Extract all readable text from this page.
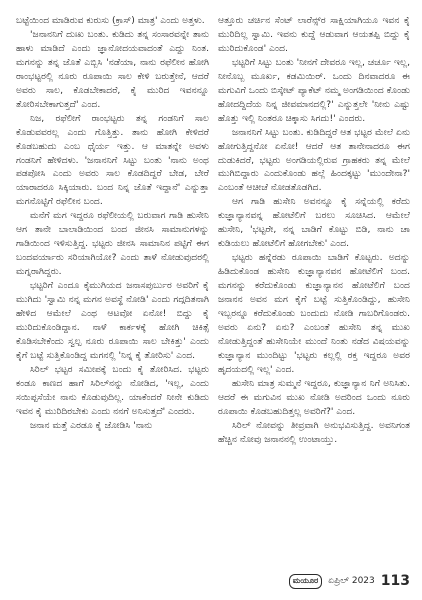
ಬಟ್ಟೆಯಿಂದ ಮಾಡಿರುವ ಕುರುಸು (ಕ್ರಾಸ್) ಮಾತ್ರ' ಎಂದು ಅತ್ತಳು.

'ಜನಾನನಿಗೆ ದುಃಖ ಬಂತು. ಕುಡಿದು ತನ್ನ ಸಂಸಾರವನ್ನೇ ತಾನು ಹಾಳು ಮಾಡಿದೆ ಎಂದು ಜ್ಞಾನೋದಯವಾದಂತೆ ಎದ್ದು ನಿಂತ. ಮಗನನ್ನು ತನ್ನ ಜೊತೆ ಎಬ್ಬಿಸಿ 'ನಡೆಯಾ, ನಾನು ರಫೆಲೀನ ಹೋಗಿ ರಾಂಭಟ್ಟರಲ್ಲಿ ನೂರು ರೂಪಾಯಿ ಸಾಲ ಕೇಳಿ ಬರುತ್ತೇನೆ, ಆದರೆ ಅವರು ಸಾಲ, ಕೊಡಬೇಕಾದರೆ, ಕೈ ಮುರಿದ ಇವನನ್ನೂ ತೋರಿಸಬೇಕಾಗುತ್ತದೆ' ಎಂದ.

ನಿಜ, ರಫೆಲೀಗೆ ರಾಂಭಟ್ಟರು ತನ್ನ ಗಂಡನಿಗೆ ಸಾಲ ಕೊಡುವವರಲ್ಲ ಎಂದು ಗೊತ್ತಿತ್ತು. ತಾನು ಹೋಗಿ ಕೇಳಿದರೆ ಕೊಡಬಹುದು ಎಂಬ ಧೈರ್ಯ ಇತ್ತು. ಆ ಮಾತನ್ನೇ ಅವಳು ಗಂಡನಿಗೆ ಹೇಳಿದಳು. 'ಜನಾನನಿಗೆ ಸಿಟ್ಟು ಬಂತು 'ನಾನು ಅಂಥ ಪಡಪೋಸಿ ಎಂದು ಅವರು ಸಾಲ ಕೊಡದಿದ್ದರೆ ಬೇಡ, ಬೇರೆ ಯಾರಾದರೂ ಸಿಕ್ಕಿಯಾರು. ಬಂದ ನಿನ್ನ ಜೊತೆ ಇದ್ದಾನೆ' ಎನ್ನುತ್ತಾ ಮಗನೊಟ್ಟಿಗೆ ರಫೆಲೀನ ಬಂದ.

ಮನೆಗೆ ಮಗ ಇದ್ದರೂ ರಫೆಲೀಯಲ್ಲಿ ಬರುವಾಗ ಗಾಡಿ ಹುಸೇನಿ ಆಗ ತಾನೇ ಬಾಲಾಡಿಯಿಂದ ಬಂದ ಜೀನಸಿ ಸಾಮಾನುಗಳನ್ನು ಗಾಡಿಯಿಂದ ಇಳಿಸುತ್ತಿದ್ದ. ಭಟ್ಟರು ಜೀನಸಿ ಸಾಮಾನಿನ ಪಟ್ಟಿಗೆ ಈಗ ಬಂದವರ್ಯಾರು ಸರಿಯಾಗಿಯೋ? ಎಂದು ತಾಳೆ ನೋಡುವುದರಲ್ಲಿ ಮಗ್ನರಾಗಿದ್ದರು.

ಭಟ್ಟರಿಗೆ ಎಂದೂ ಕೈಮುಗಿಯದ ಜನಾಸಪುರ್ಬುರ ಅವರಿಗೆ ಕೈ ಮುಗಿದು 'ಸ್ವಾಮಿ ನನ್ನ ಮಗನ ಅವಸ್ಥೆ ನೋಡಿ' ಎಂದು ಗದ್ಗದಿತನಾಗಿ ಹೇಳಿದ ಆಮೇಲೆ ಎಂಥ ಆಟವೋ ಏನೋ! ಬಿದ್ದು ಕೈ ಮುರಿದುಕೊಂಡಿದ್ದಾನ. ನಾಳೆ ಕಾರ್ಕಳಕ್ಕೆ ಹೋಗಿ ಚಿಕಿತ್ಸೆ ಕೊಡಿಸಬೇಕೆಂದು ಸ್ವಲ್ಪ ನೂರು ರೂಪಾಯಿ ಸಾಲ ಬೇಕಿತ್ತು' ಎಂದು ಕೈಗೆ ಬಟ್ಟೆ ಸುತ್ತಿಕೊಂಡಿದ್ದ ಮಗನಲ್ಲಿ 'ನಿನ್ನ ಕೈ ತೋರಿಸು' ಎಂದ.

ಸಿರಿಲ್ ಭಟ್ಟರ ಸಮೀಪಕ್ಕೆ ಬಂದು ಕೈ ತೋರಿಸಿದ. ಭಟ್ಟರು ಕಂಡೂ ಕಾಣದ ಹಾಗೆ ಸಿರಿಲ್‌ನನ್ನು ನೋಡಿದ, 'ಇಲ್ಲ, ಎಂದು ಸಯಿಪ್ಪಸೆಯೇ ನಾನು ಕೊಡುವುದಿಲ್ಲ. ಯಾಕೆಂದರೆ ನೀನೇ ಕುಡಿದು ಇವನ ಕೈ ಮುರಿದಿರಬೇಕು ಎಂದು ನನಗೆ ಅನಿಸುತ್ತದೆ' ಎಂದರು.

ಜನಾನ ಮತ್ತೆ ಎರಡೂ ಕೈ ಜೋಡಿಸಿ 'ನಾನು

ಆತ್ತೂರು ಚರ್ಚಿನ ಸೆಂಟ್ ಲಾರೆನ್ಸ್‌ರ ಸಾಕ್ಷಿಯಾಗಿಯೂ ಇವನ ಕೈ ಮುರಿದಿಲ್ಲ ಸ್ವಾಮಿ. ಇವನು ಕುದ್ದೆ ಆಡುವಾಗ ಆಯತಪ್ಪಿ ಬಿದ್ದು ಕೈ ಮುರಿದುಕೊಂಡ' ಎಂದ.

ಭಟ್ಟರಿಗೆ ಸಿಟ್ಟು ಬಂತು 'ನೀನಗೆ ದೇವರೂ ಇಲ್ಲ, ಚರ್ಚೂ ಇಲ್ಲ, ನೀನೊಬ್ಬ ಮೂರ್ಖ, ಕಡಮಿಯಿರ್. ಒಂದು ದಿನವಾದರೂ ಈ ಮಗುವಿಗೆ ಒಂದು ಬಿಸ್ಕೇಟ್ ಪ್ಯಾಕೆಟ್ ನಮ್ಮ ಅಂಗಡಿಯಿಂದ ಕೊಂಡು ಹೋದದ್ದಿದೆಯ ನಿನ್ನ ಜೀವಮಾನದಲ್ಲಿ?' ಎನ್ನುತ್ತಲೇ 'ನೀನು ಎಷ್ಟು ಹೊತ್ತು ಇಲ್ಲಿ ನಿಂತರೂ ಚಿಕ್ಕಾಸು ಸಿಗದು!' ಎಂದರು.

ಜನಾನನಿಗೆ ಸಿಟ್ಟು ಬಂತು. ಕುಡಿದಿದ್ದರೆ ಆತ ಭಟ್ಟರ ಮೇಲೆ ಏನು ಹೋಗುತ್ತಿದ್ದನೋ ಏನೋ! ಆದರೆ ಆತ ತಾನೇನಾದರೂ ಈಗ ದುಡುಕಿದರೆ, ಭಟ್ಟರು ಅಂಗಡಿಯಲ್ಲಿರುವ ಗ್ರಾಹಕರು ತನ್ನ ಮೇಲೆ ಮುಗಿಬಿದ್ದಾರು ಎಂದುಕೊಂಡು ಹಲ್ಲೆ ಹಿಂದಕ್ಕಟ್ಟು 'ಮುಂದೇನಾ?' ಎಂಬಂತೆ ಆಚೀಚೆ ನೋಡತೊಡಗಿದ.

ಆಗ ಗಾಡಿ ಹುಸೇನಿ ಅವನನ್ನೂ ಕೈ ಸನ್ನೆಯಲ್ಲಿ ಕರೆದು ಕುಜ್ಞಾನ್ಯಾನವನ್ನ ಹೋಟೆಲಿಗೆ ಬರಲು ಸೂಚಿಸಿದ. ಆಮೇಲೆ ಹುಸೇನಿ, 'ಭಟ್ಟರೇ, ನನ್ನ ಬಾಡಿಗೆ ಕೊಟ್ಟು ಬಿಡಿ, ನಾನು ಚಾ ಕುಡಿಯಲು ಹೋಟೆಲಿಗೆ ಹೋಗಬೇಕು' ಎಂದ.

ಭಟ್ಟರು ಹನ್ನೆರಡು ರೂಪಾಯಿ ಬಾಡಿಗೆ ಕೊಟ್ಟರು. ಅದನ್ನು ಹಿಡಿದುಕೊಂಡ ಹುಸೇನಿ ಕುಜ್ಞಾನ್ಯಾನವನ ಹೋಟೆಲಿಗೆ ಬಂದ. ಮಗನನ್ನು ಕರೆದುಕೊಂಡು ಕುಜ್ಞಾನ್ಯಾನನ ಹೋಟೆಲಿಗೆ ಬಂದ ಜನಾನನ ಅವನ ಮಗ ಕೈಗೆ ಬಟ್ಟೆ ಸುತ್ತಿಕೊಂಡಿದ್ದು, ಹುಸೇನಿ ಇಬ್ಬರನ್ನೂ ಕರೆದುಕೊಂಡು ಬಂದುದು ನೋಡಿ ಗಾಬರಿಗೊಂಡರು. ಅವರು ಏನು? ಏನು? ಎಂಬಂತೆ ಹುಸೇನಿ ತನ್ನ ಮುಖ ನೋಡುತ್ತಿದ್ದಂತೆ ಹುಸೇನಿಯೇ ಮುಂದೆ ನಿಂತು ನಡೆದ ವಿಷಯವನ್ನು ಕುಜ್ಞಾನ್ಯಾನ ಮುಂದಿಟ್ಟು 'ಭಟ್ಟರು ಕಲ್ಲಲ್ಲಿ ರಕ್ತ ಇದ್ದರೂ ಅವರ ಹೃದಯದಲ್ಲಿ ಇಲ್ಲ' ಎಂದ.

ಹುಸೇನಿ ಮಾತ್ರ ಸುಮ್ಮನೆ ಇದ್ದರೂ, ಕುಜ್ಞಾನ್ಯಾನ ನಿಗೆ ಅನಿಸಿತು. ಆದರೆ ಈ ಮಗುವಿನ ಮುಖ ನೋಡಿ ಅದರಿಂದ ಒಂದು ನೂರು ರೂಪಾಯಿ ಕೊಡಬಹುದಿತ್ತಲ್ಲ ಅವರಿಗೆ?' ಎಂದ.

ಸಿರಿಲ್ ನೋವನ್ನು ತೀವ್ರವಾಗಿ ಅನುಭವಿಸುತ್ತಿದ್ದ. ಅವನಿಗಂತ ಹೆಚ್ಚಿನ ನೋವು ಜನಾನನಲ್ಲಿ ಉಂಟಾಯ್ತು.

ಮಯೂರ	ಏಪ್ರಿಲ್ 2023 113
